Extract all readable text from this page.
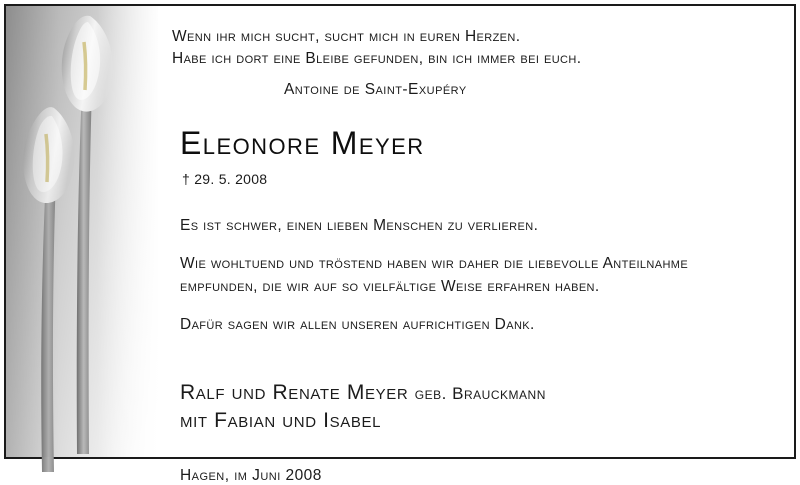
Wenn ihr mich sucht, sucht mich in euren Herzen.
Habe ich dort eine Bleibe gefunden, bin ich immer bei euch.
Antoine de Saint-Exupéry
Eleonore Meyer
† 29. 5. 2008

Es ist schwer, einen lieben Menschen zu verlieren.

Wie wohltuend und tröstend haben wir daher die liebevolle Anteilnahme empfunden, die wir auf so vielfältige Weise erfahren haben.

Dafür sagen wir allen unseren aufrichtigen Dank.

Ralf und Renate Meyer geb. Brauckmann
mit Fabian und Isabel
Hagen, im Juni 2008
